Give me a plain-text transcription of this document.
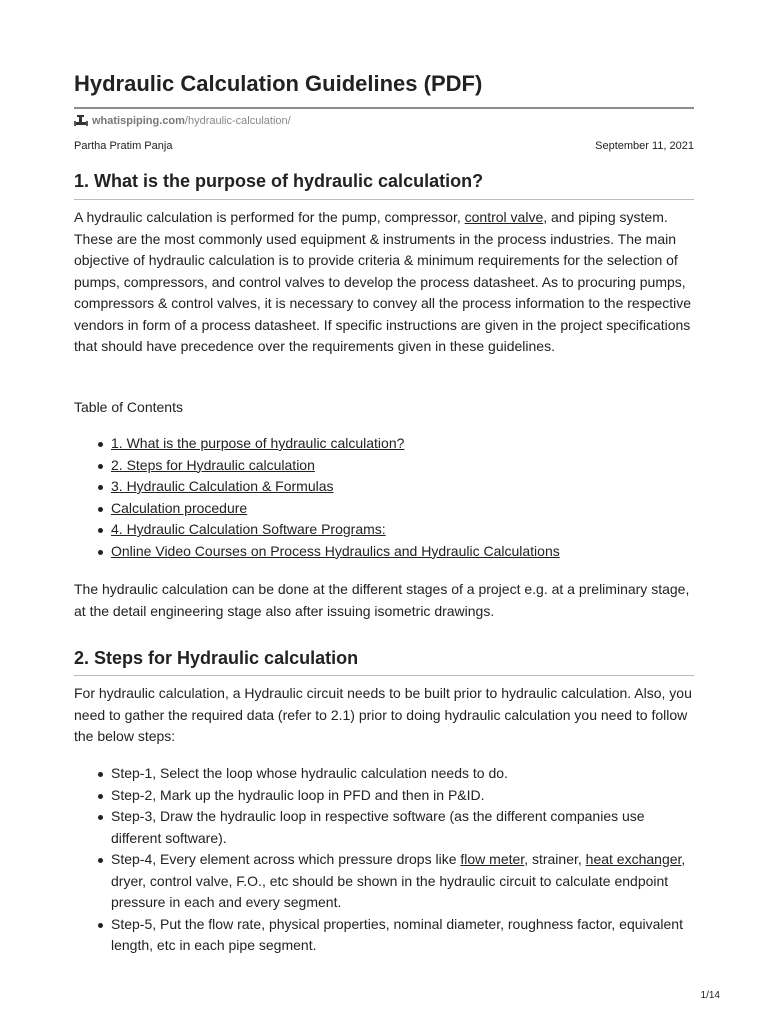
Hydraulic Calculation Guidelines (PDF)
whatispiping.com /hydraulic-calculation/
Partha Pratim Panja	September 11, 2021
1. What is the purpose of hydraulic calculation?

A hydraulic calculation is performed for the pump, compressor, control valve, and piping system. These are the most commonly used equipment & instruments in the process industries. The main objective of hydraulic calculation is to provide criteria & minimum requirements for the selection of pumps, compressors, and control valves to develop the process datasheet. As to procuring pumps, compressors & control valves, it is necessary to convey all the process information to the respective vendors in form of a process datasheet. If specific instructions are given in the project specifications that should have precedence over the requirements given in these guidelines.

Table of Contents

1. What is the purpose of hydraulic calculation?
2. Steps for Hydraulic calculation
3. Hydraulic Calculation & Formulas
Calculation procedure
4. Hydraulic Calculation Software Programs:
Online Video Courses on Process Hydraulics and Hydraulic Calculations

The hydraulic calculation can be done at the different stages of a project e.g. at a preliminary stage, at the detail engineering stage also after issuing isometric drawings.

2. Steps for Hydraulic calculation

For hydraulic calculation, a Hydraulic circuit needs to be built prior to hydraulic calculation. Also, you need to gather the required data (refer to 2.1) prior to doing hydraulic calculation you need to follow the below steps:

Step-1, Select the loop whose hydraulic calculation needs to do.
Step-2, Mark up the hydraulic loop in PFD and then in P&ID.
Step-3, Draw the hydraulic loop in respective software (as the different companies use different software).
Step-4, Every element across which pressure drops like flow meter, strainer, heat exchanger, dryer, control valve, F.O., etc should be shown in the hydraulic circuit to calculate endpoint pressure in each and every segment.
Step-5, Put the flow rate, physical properties, nominal diameter, roughness factor, equivalent length, etc in each pipe segment.
1/14
